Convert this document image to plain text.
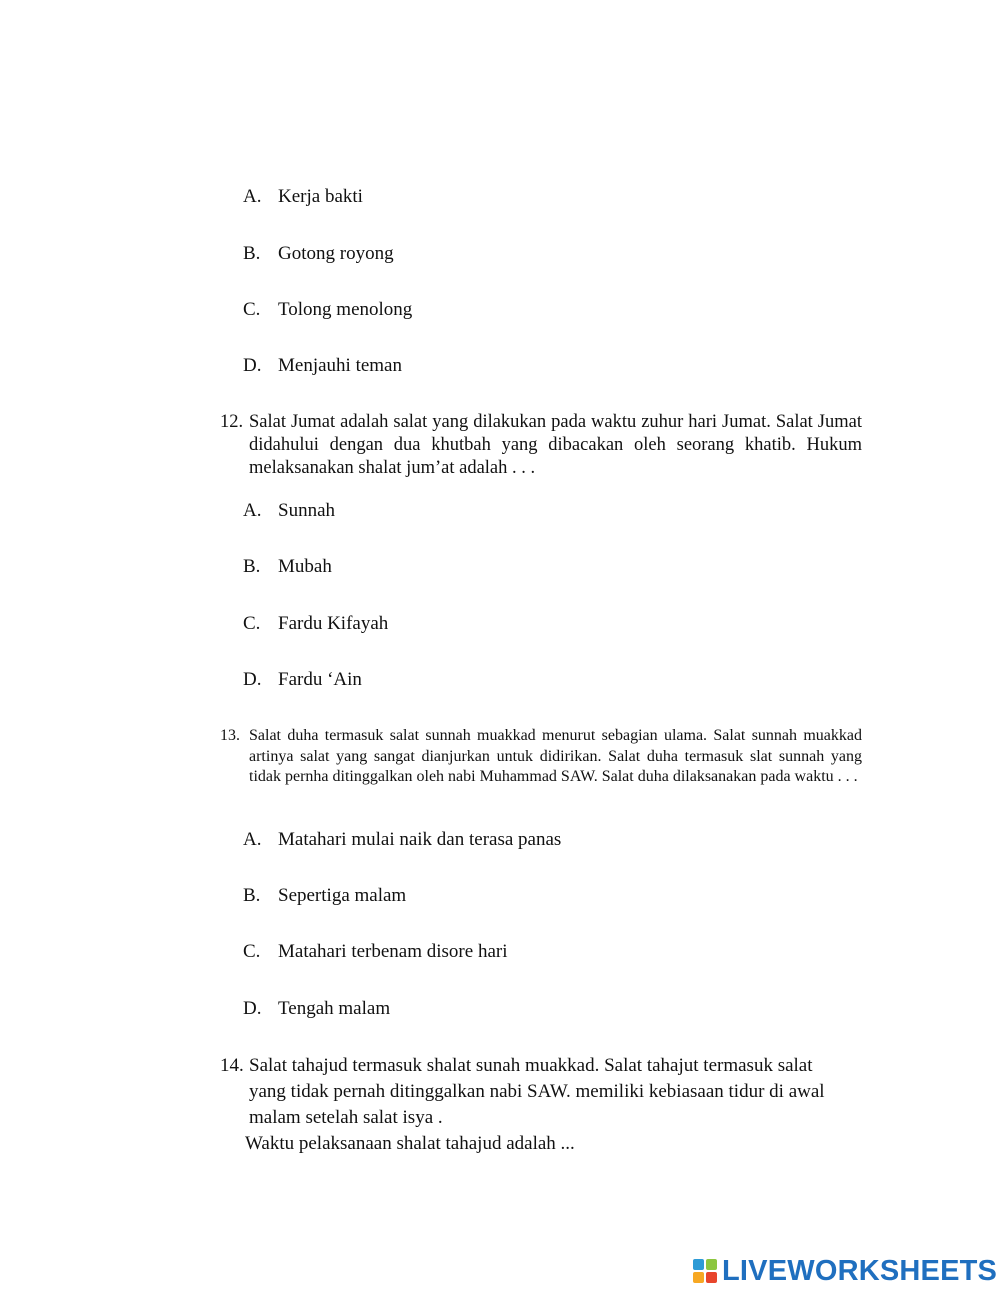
A. Kerja bakti
B. Gotong royong
C. Tolong menolong
D. Menjauhi teman
12. Salat Jumat adalah salat yang dilakukan pada waktu zuhur hari Jumat. Salat Jumat didahului dengan dua khutbah yang dibacakan oleh seorang khatib. Hukum melaksanakan shalat jum’at adalah . . .
A. Sunnah
B. Mubah
C. Fardu Kifayah
D. Fardu ‘Ain
13. Salat duha termasuk salat sunnah muakkad menurut sebagian ulama. Salat sunnah muakkad artinya salat yang sangat dianjurkan untuk didirikan. Salat duha termasuk slat sunnah yang tidak pernha ditinggalkan oleh nabi Muhammad SAW. Salat duha dilaksanakan pada waktu . . .
A. Matahari mulai naik dan terasa panas
B. Sepertiga malam
C. Matahari terbenam disore hari
D. Tengah malam
14. Salat tahajud termasuk shalat sunah muakkad. Salat tahajut termasuk salat yang tidak pernah ditinggalkan nabi SAW. memiliki kebiasaan tidur di awal malam setelah salat isya .
Waktu pelaksanaan shalat tahajud adalah ...
LIVEWORKSHEETS
